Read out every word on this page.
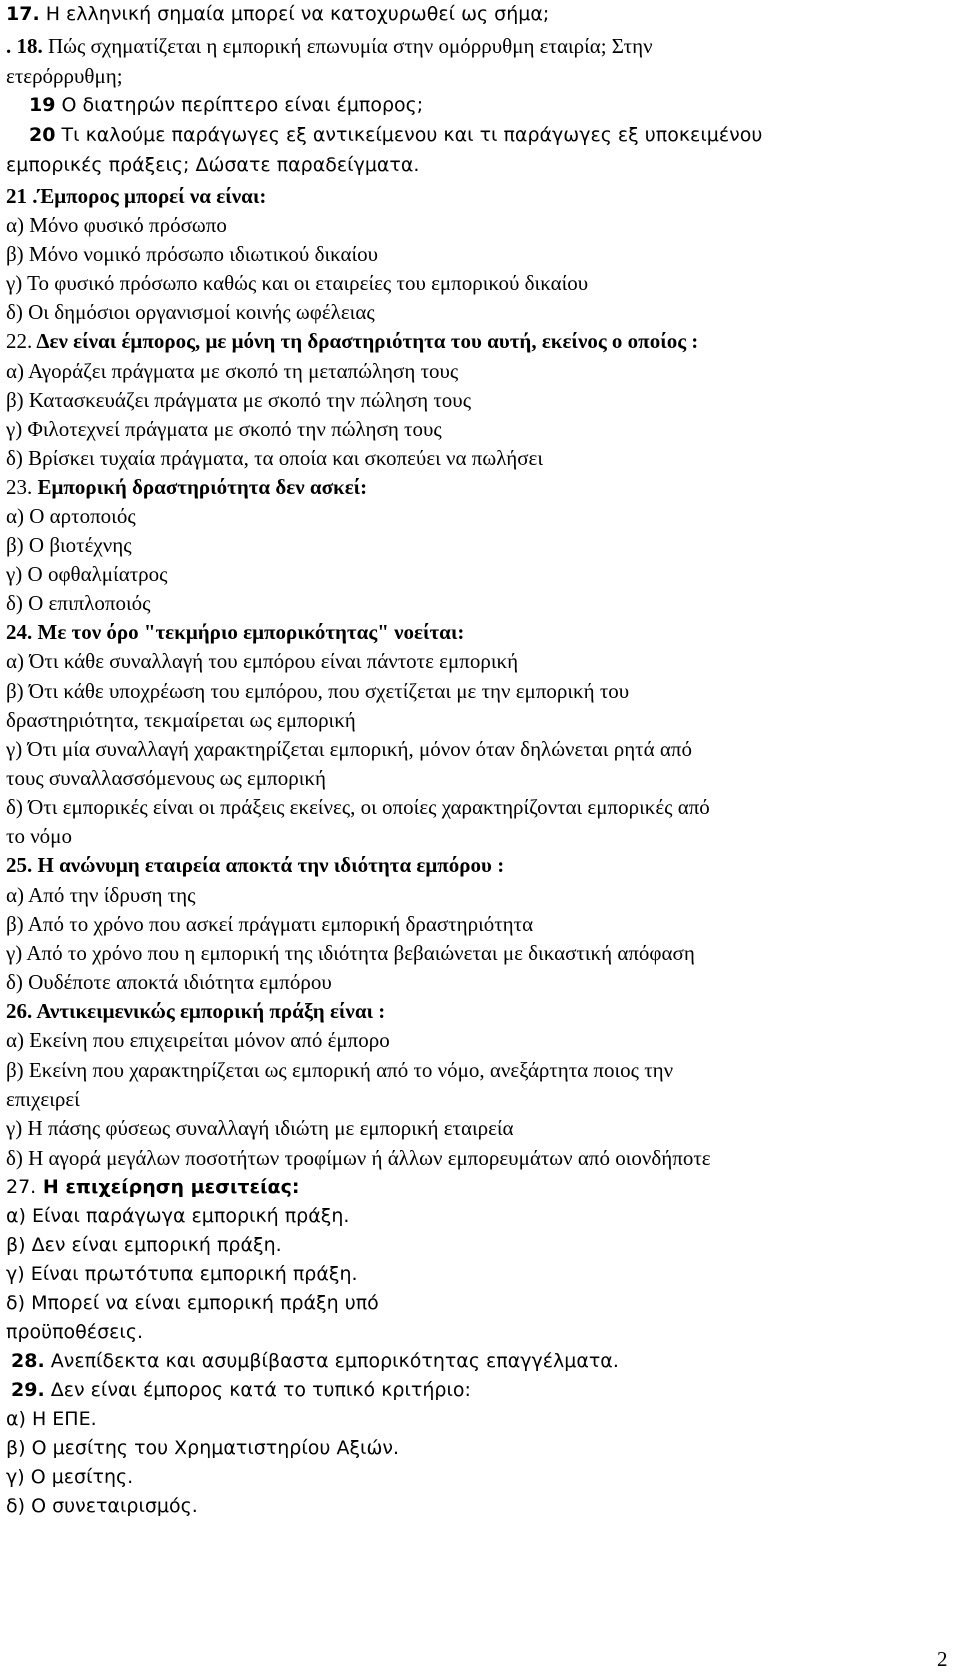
17. Η ελληνική σημαία μπορεί να κατοχυρωθεί ως σήμα;
. 18. Πώς σχηματίζεται η εμπορική επωνυμία στην ομόρρυθμη εταιρία; Στην
ετερόρρυθμη;
19 Ο διατηρών περίπτερο είναι έμπορος;
20 Τι καλούμε παράγωγες εξ αντικείμενου και τι παράγωγες εξ υποκειμένου
εμπορικές πράξεις; Δώσατε παραδείγματα.
21 .Έμπορος μπορεί να είναι:
α) Μόνο φυσικό πρόσωπο
β) Μόνο νομικό πρόσωπο ιδιωτικού δικαίου
γ) Το φυσικό πρόσωπο καθώς και οι εταιρείες του εμπορικού δικαίου
δ) Οι δημόσιοι οργανισμοί κοινής ωφέλειας
22. Δεν είναι έμπορος, με μόνη τη δραστηριότητα του αυτή, εκείνος ο οποίος :
α) Αγοράζει πράγματα με σκοπό τη μεταπώληση τους
β) Κατασκευάζει πράγματα με σκοπό την πώληση τους
γ) Φιλοτεχνεί πράγματα με σκοπό την πώληση τους
δ) Βρίσκει τυχαία πράγματα, τα οποία και σκοπεύει να πωλήσει
23. Εμπορική δραστηριότητα δεν ασκεί:
α) Ο αρτοποιός
β) Ο βιοτέχνης
γ) Ο οφθαλμίατρος
δ) Ο επιπλοποιός
24. Με τον όρο "τεκμήριο εμπορικότητας" νοείται:
α) Ότι κάθε συναλλαγή του εμπόρου είναι πάντοτε εμπορική
β) Ότι κάθε υποχρέωση του εμπόρου, που σχετίζεται με την εμπορική του
δραστηριότητα, τεκμαίρεται ως εμπορική
γ) Ότι μία συναλλαγή χαρακτηρίζεται εμπορική, μόνον όταν δηλώνεται ρητά από
τους συναλλασσόμενους ως εμπορική
δ) Ότι εμπορικές είναι οι πράξεις εκείνες, οι οποίες χαρακτηρίζονται εμπορικές από
το νόμο
25. Η ανώνυμη εταιρεία αποκτά την ιδιότητα εμπόρου :
α) Από την ίδρυση της
β) Από το χρόνο που ασκεί πράγματι εμπορική δραστηριότητα
γ) Από το χρόνο που η εμπορική της ιδιότητα βεβαιώνεται με δικαστική απόφαση
δ) Ουδέποτε αποκτά ιδιότητα εμπόρου
26. Αντικειμενικώς εμπορική πράξη είναι :
α) Εκείνη που επιχειρείται μόνον από έμπορο
β) Εκείνη που χαρακτηρίζεται ως εμπορική από το νόμο, ανεξάρτητα ποιος την
επιχειρεί
γ) Η πάσης φύσεως συναλλαγή ιδιώτη με εμπορική εταιρεία
δ) Η αγορά μεγάλων ποσοτήτων τροφίμων ή άλλων εμπορευμάτων από οιονδήποτε
27. Η επιχείρηση μεσιτείας:
α) Είναι παράγωγα εμπορική πράξη.
β) Δεν είναι εμπορική πράξη.
γ) Είναι πρωτότυπα εμπορική πράξη.
δ) Μπορεί να είναι εμπορική πράξη υπό
προϋποθέσεις.
28. Ανεπίδεκτα και ασυμβίβαστα εμπορικότητας επαγγέλματα.
29. Δεν είναι έμπορος κατά το τυπικό κριτήριο:
α) Η ΕΠΕ.
β) Ο μεσίτης του Χρηματιστηρίου Αξιών.
γ) Ο μεσίτης.
δ) Ο συνεταιρισμός.
2
